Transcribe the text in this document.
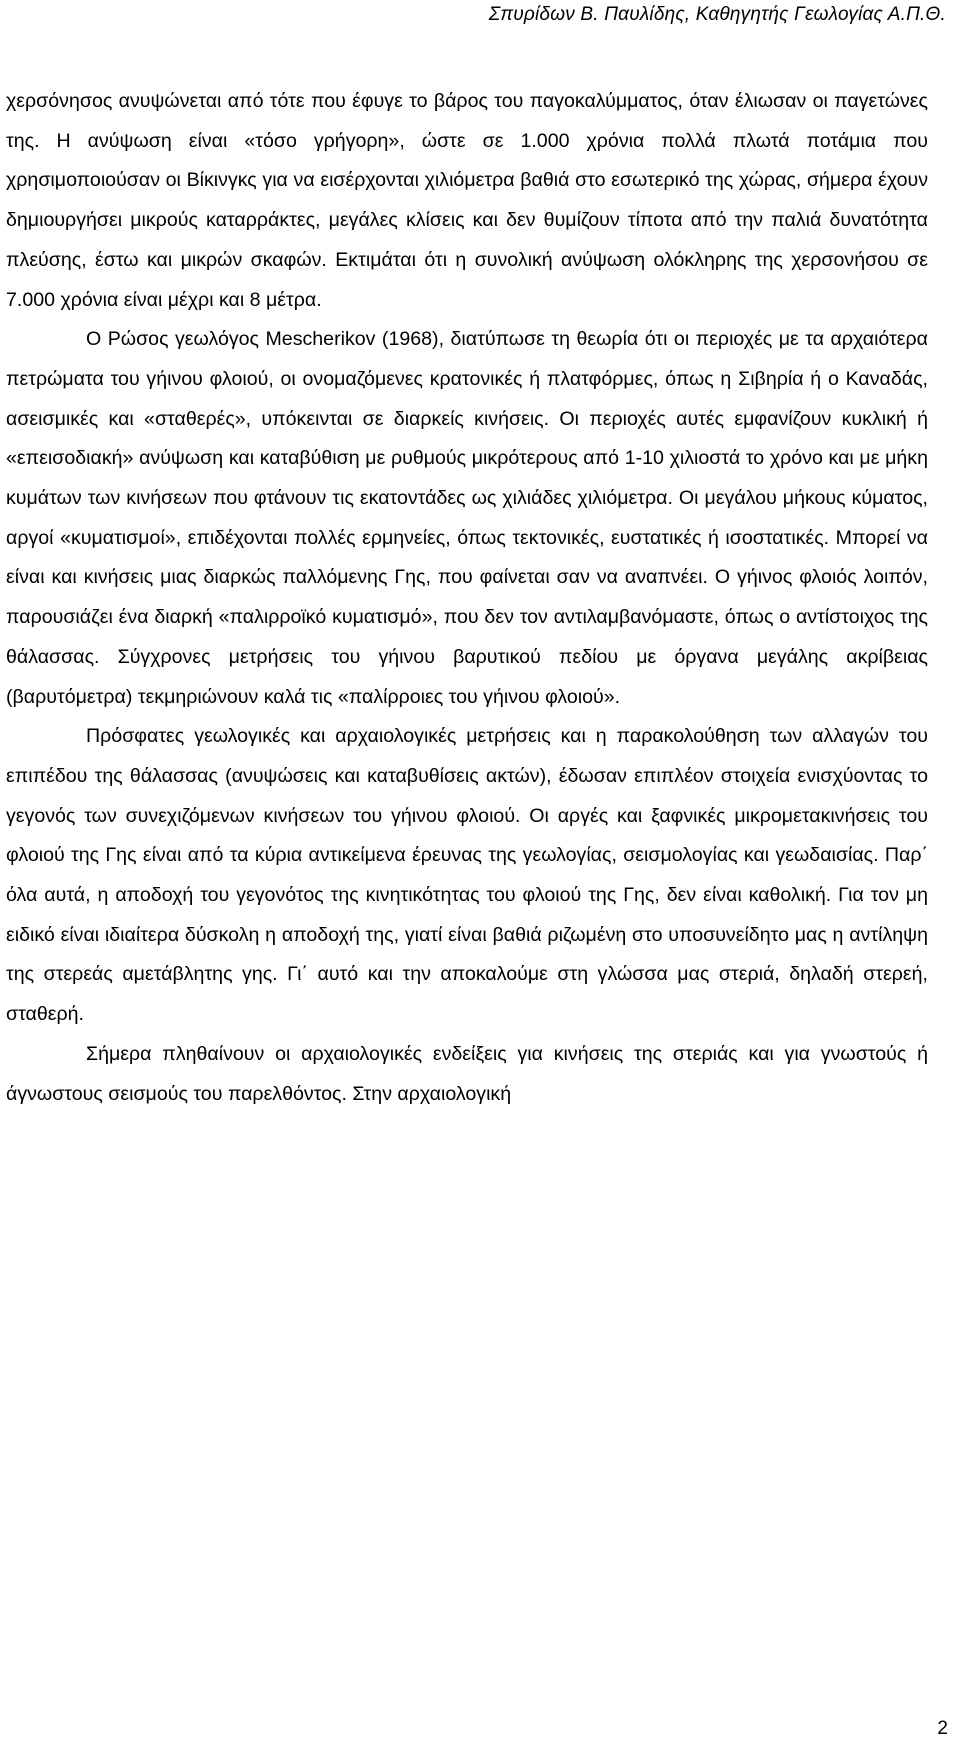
Σπυρίδων Β. Παυλίδης, Καθηγητής Γεωλογίας Α.Π.Θ.

χερσόνησος ανυψώνεται από τότε που έφυγε το βάρος του παγοκαλύμματος, όταν έλιωσαν οι παγετώνες της. Η ανύψωση είναι «τόσο γρήγορη», ώστε σε 1.000 χρόνια πολλά πλωτά ποτάμια που χρησιμοποιούσαν οι Βίκινγκς για να εισέρχονται χιλιόμετρα βαθιά στο εσωτερικό της χώρας, σήμερα έχουν δημιουργήσει μικρούς καταρράκτες, μεγάλες κλίσεις και δεν θυμίζουν τίποτα από την παλιά δυνατότητα πλεύσης, έστω και μικρών σκαφών. Εκτιμάται ότι η συνολική ανύψωση ολόκληρης της χερσονήσου σε 7.000 χρόνια είναι μέχρι και 8 μέτρα.

Ο Ρώσος γεωλόγος Mescherikov (1968), διατύπωσε τη θεωρία ότι οι περιοχές με τα αρχαιότερα πετρώματα του γήινου φλοιού, οι ονομαζόμενες κρατονικές ή πλατφόρμες, όπως η Σιβηρία ή ο Καναδάς, ασεισμικές και «σταθερές», υπόκεινται σε διαρκείς κινήσεις. Οι περιοχές αυτές εμφανίζουν κυκλική ή «επεισοδιακή» ανύψωση και καταβύθιση με ρυθμούς μικρότερους από 1-10 χιλιοστά το χρόνο και με μήκη κυμάτων των κινήσεων που φτάνουν τις εκατοντάδες ως χιλιάδες χιλιόμετρα. Οι μεγάλου μήκους κύματος, αργοί «κυματισμοί», επιδέχονται πολλές ερμηνείες, όπως τεκτονικές, ευστατικές ή ισοστατικές. Μπορεί να είναι και κινήσεις μιας διαρκώς παλλόμενης Γης, που φαίνεται σαν να αναπνέει. Ο γήινος φλοιός λοιπόν, παρουσιάζει ένα διαρκή «παλιρροϊκό κυματισμό», που δεν τον αντιλαμβανόμαστε, όπως ο αντίστοιχος της θάλασσας. Σύγχρονες μετρήσεις του γήινου βαρυτικού πεδίου με όργανα μεγάλης ακρίβειας (βαρυτόμετρα) τεκμηριώνουν καλά τις «παλίρροιες του γήινου φλοιού».

Πρόσφατες γεωλογικές και αρχαιολογικές μετρήσεις και η παρακολούθηση των αλλαγών του επιπέδου της θάλασσας (ανυψώσεις και καταβυθίσεις ακτών), έδωσαν επιπλέον στοιχεία ενισχύοντας το γεγονός των συνεχιζόμενων κινήσεων του γήινου φλοιού. Οι αργές και ξαφνικές μικρομετακινήσεις του φλοιού της Γης είναι από τα κύρια αντικείμενα έρευνας της γεωλογίας, σεισμολογίας και γεωδαισίας. Παρ΄ όλα αυτά, η αποδοχή του γεγονότος της κινητικότητας του φλοιού της Γης, δεν είναι καθολική. Για τον μη ειδικό είναι ιδιαίτερα δύσκολη η αποδοχή της, γιατί είναι βαθιά ριζωμένη στο υποσυνείδητο μας η αντίληψη της στερεάς αμετάβλητης γης. Γι΄ αυτό και την αποκαλούμε στη γλώσσα μας στεριά, δηλαδή στερεή, σταθερή.

Σήμερα πληθαίνουν οι αρχαιολογικές ενδείξεις για κινήσεις της στεριάς και για γνωστούς ή άγνωστους σεισμούς του παρελθόντος. Στην αρχαιολογική

2
